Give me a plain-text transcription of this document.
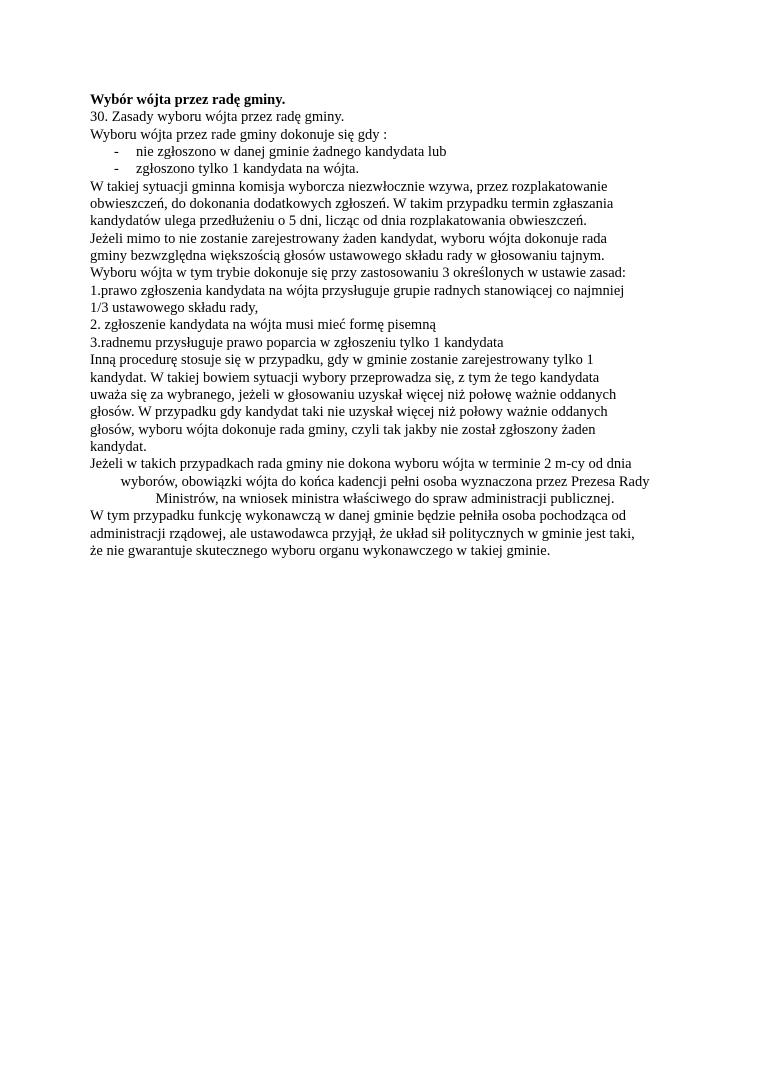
Wybór wójta przez radę gminy.
30. Zasady wyboru wójta przez radę gminy.
Wyboru wójta przez rade gminy dokonuje się gdy :
- nie zgłoszono w danej gminie żadnego kandydata lub
- zgłoszono tylko 1 kandydata na wójta.
W takiej sytuacji gminna komisja wyborcza niezwłocznie wzywa, przez rozplakatowanie
obwieszczeń, do dokonania dodatkowych zgłoszeń. W takim przypadku termin zgłaszania
kandydatów ulega przedłużeniu o 5 dni, licząc od dnia rozplakatowania obwieszczeń.
Jeżeli mimo to nie zostanie zarejestrowany żaden kandydat, wyboru wójta dokonuje rada
gminy bezwzględna większością głosów ustawowego składu rady w głosowaniu tajnym.
Wyboru wójta w tym trybie dokonuje się przy zastosowaniu 3 określonych w ustawie zasad:
1.prawo zgłoszenia kandydata na wójta przysługuje grupie radnych stanowiącej co najmniej
1/3 ustawowego składu rady,
2. zgłoszenie kandydata na wójta musi mieć formę pisemną
3.radnemu przysługuje prawo poparcia w zgłoszeniu tylko 1 kandydata
Inną procedurę stosuje się w przypadku, gdy w gminie zostanie zarejestrowany tylko 1
kandydat. W takiej bowiem sytuacji wybory przeprowadza się, z tym że tego kandydata
uważa się za wybranego, jeżeli w głosowaniu uzyskał więcej niż połowę ważnie oddanych
głosów. W przypadku gdy kandydat taki nie uzyskał więcej niż połowy ważnie oddanych
głosów, wyboru wójta dokonuje rada gminy, czyli tak jakby nie został zgłoszony żaden
kandydat.
Jeżeli w takich przypadkach rada gminy nie dokona wyboru wójta w terminie 2 m-cy od dnia
wyborów, obowiązki wójta do końca kadencji pełni osoba wyznaczona przez Prezesa Rady
Ministrów, na wniosek ministra właściwego do spraw administracji publicznej.
W tym przypadku funkcję wykonawczą w danej gminie będzie pełniła osoba pochodząca od
administracji rządowej, ale ustawodawca przyjął, że układ sił politycznych w gminie jest taki,
że nie gwarantuje skutecznego wyboru organu wykonawczego w takiej gminie.
